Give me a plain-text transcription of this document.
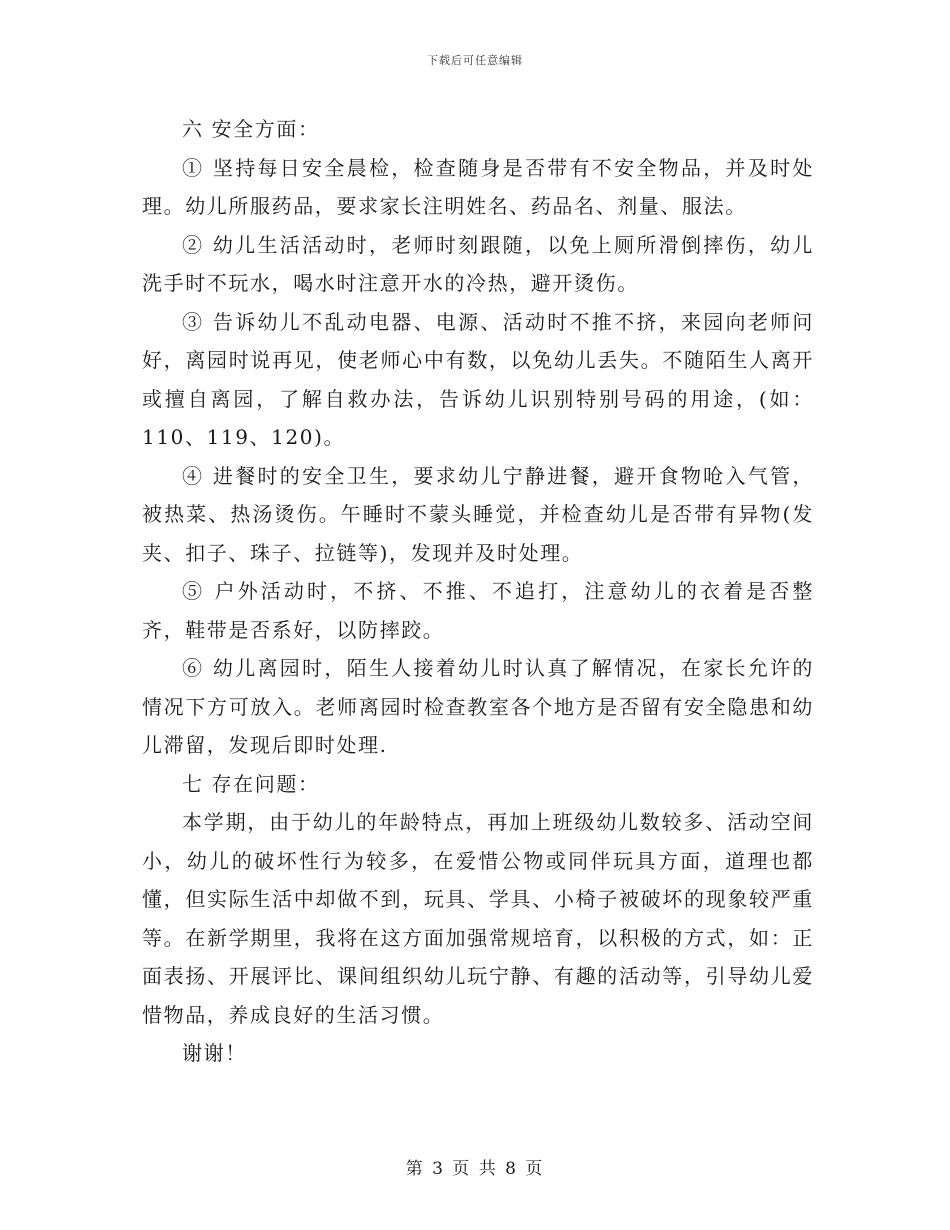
下载后可任意编辑

六 安全方面：

① 坚持每日安全晨检，检查随身是否带有不安全物品，并及时处理。幼儿所服药品，要求家长注明姓名、药品名、剂量、服法。

② 幼儿生活活动时，老师时刻跟随，以免上厕所滑倒摔伤，幼儿洗手时不玩水，喝水时注意开水的冷热，避开烫伤。

③ 告诉幼儿不乱动电器、电源、活动时不推不挤，来园向老师问好，离园时说再见，使老师心中有数，以免幼儿丢失。不随陌生人离开或擅自离园，了解自救办法，告诉幼儿识别特别号码的用途，(如：110、119、120)。

④ 进餐时的安全卫生，要求幼儿宁静进餐，避开食物呛入气管，被热菜、热汤烫伤。午睡时不蒙头睡觉，并检查幼儿是否带有异物(发夹、扣子、珠子、拉链等)，发现并及时处理。

⑤ 户外活动时，不挤、不推、不追打，注意幼儿的衣着是否整齐，鞋带是否系好，以防摔跤。

⑥ 幼儿离园时，陌生人接着幼儿时认真了解情况，在家长允许的情况下方可放入。老师离园时检查教室各个地方是否留有安全隐患和幼儿滞留，发现后即时处理.

七 存在问题：

本学期，由于幼儿的年龄特点，再加上班级幼儿数较多、活动空间小，幼儿的破坏性行为较多，在爱惜公物或同伴玩具方面，道理也都懂，但实际生活中却做不到，玩具、学具、小椅子被破坏的现象较严重等。在新学期里，我将在这方面加强常规培育，以积极的方式，如：正面表扬、开展评比、课间组织幼儿玩宁静、有趣的活动等，引导幼儿爱惜物品，养成良好的生活习惯。

谢谢！

第 3 页 共 8 页
